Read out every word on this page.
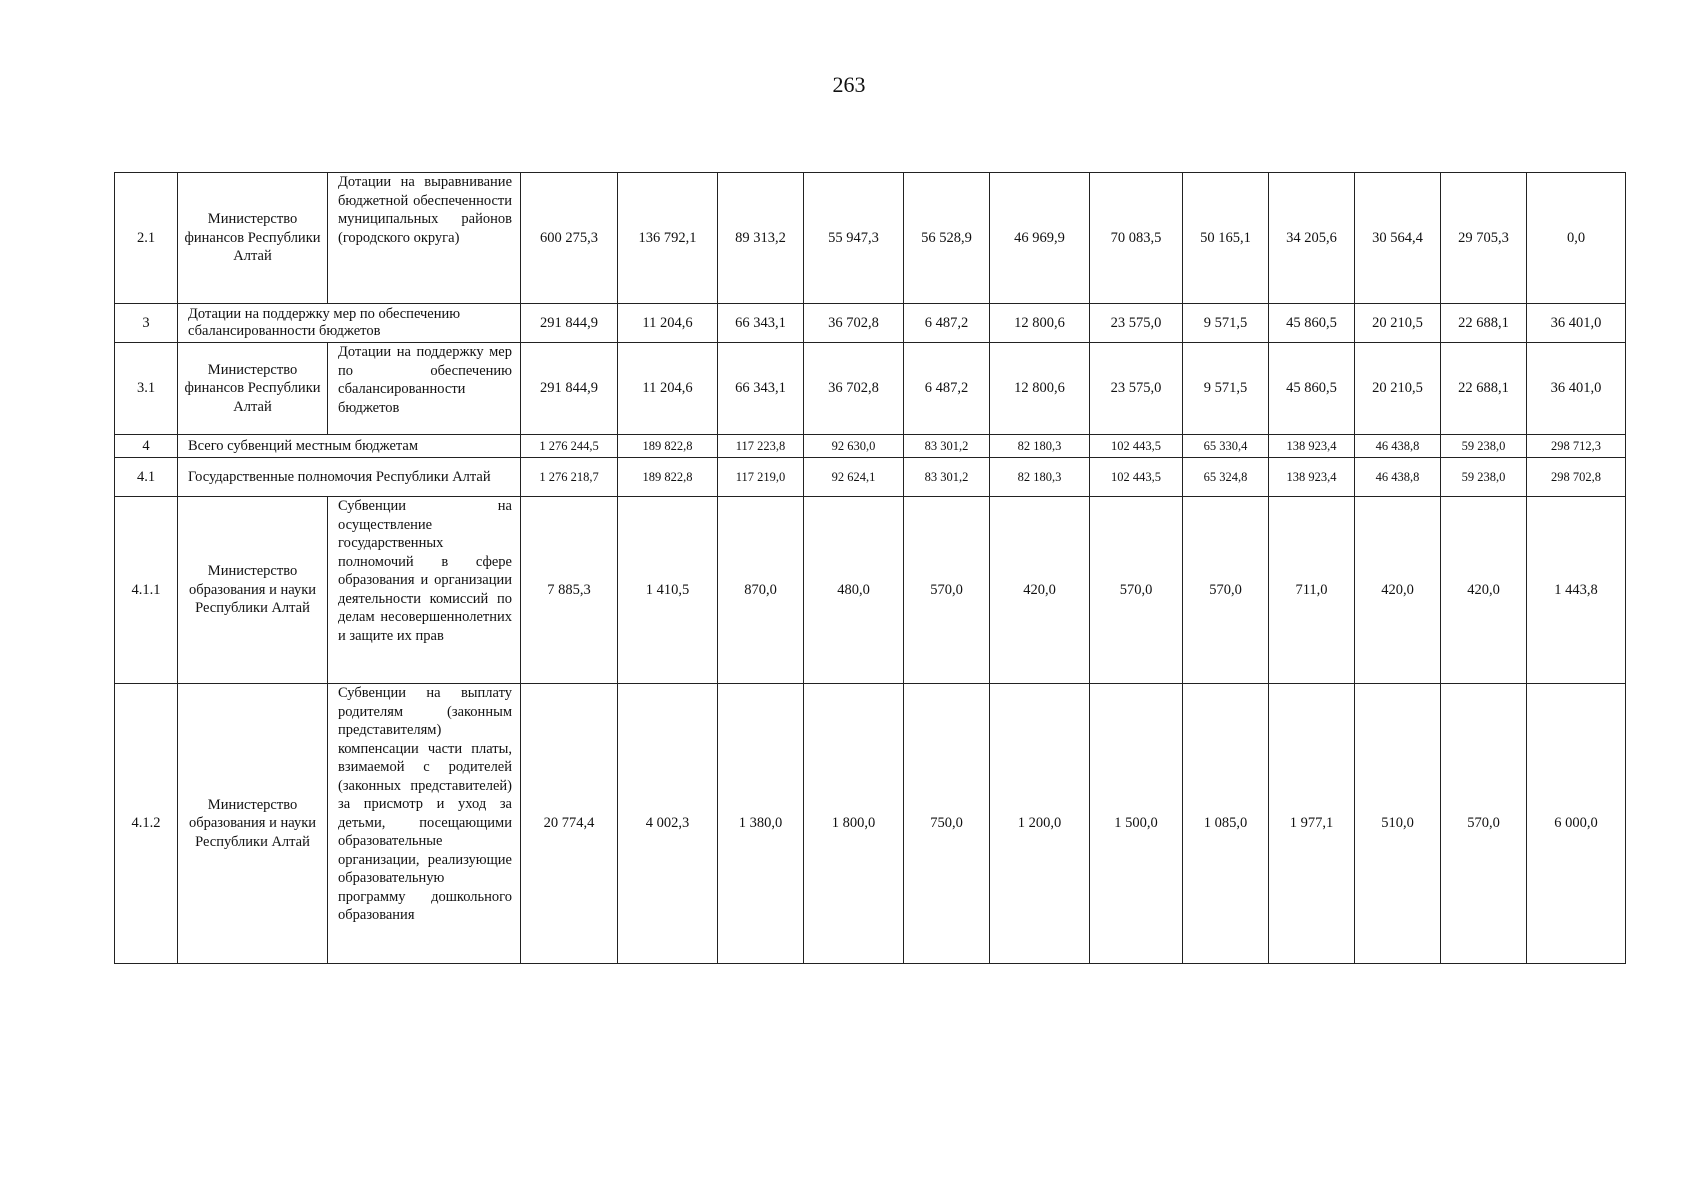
263
2.1	Министерство финансов Республики Алтай	Дотации на выравнивание бюджетной обеспеченности муниципальных районов (городского округа)	600 275,3	136 792,1	89 313,2	55 947,3	56 528,9	46 969,9	70 083,5	50 165,1	34 205,6	30 564,4	29 705,3	0,0
3	Дотации на поддержку мер по обеспечению сбалансированности бюджетов		291 844,9	11 204,6	66 343,1	36 702,8	6 487,2	12 800,6	23 575,0	9 571,5	45 860,5	20 210,5	22 688,1	36 401,0
3.1	Министерство финансов Республики Алтай	Дотации на поддержку мер по обеспечению сбалансированности бюджетов	291 844,9	11 204,6	66 343,1	36 702,8	6 487,2	12 800,6	23 575,0	9 571,5	45 860,5	20 210,5	22 688,1	36 401,0
4	Всего субвенций местным бюджетам		1 276 244,5	189 822,8	117 223,8	92 630,0	83 301,2	82 180,3	102 443,5	65 330,4	138 923,4	46 438,8	59 238,0	298 712,3
4.1	Государственные полномочия Республики Алтай		1 276 218,7	189 822,8	117 219,0	92 624,1	83 301,2	82 180,3	102 443,5	65 324,8	138 923,4	46 438,8	59 238,0	298 702,8
4.1.1	Министерство образования и науки Республики Алтай	Субвенции на осуществление государственных полномочий в сфере образования и организации деятельности комиссий по делам несовершеннолетних и защите их прав	7 885,3	1 410,5	870,0	480,0	570,0	420,0	570,0	570,0	711,0	420,0	420,0	1 443,8
4.1.2	Министерство образования и науки Республики Алтай	Субвенции на выплату родителям (законным представителям) компенсации части платы, взимаемой с родителей (законных представителей) за присмотр и уход за детьми, посещающими образовательные организации, реализующие образовательную программу дошкольного образования	20 774,4	4 002,3	1 380,0	1 800,0	750,0	1 200,0	1 500,0	1 085,0	1 977,1	510,0	570,0	6 000,0
